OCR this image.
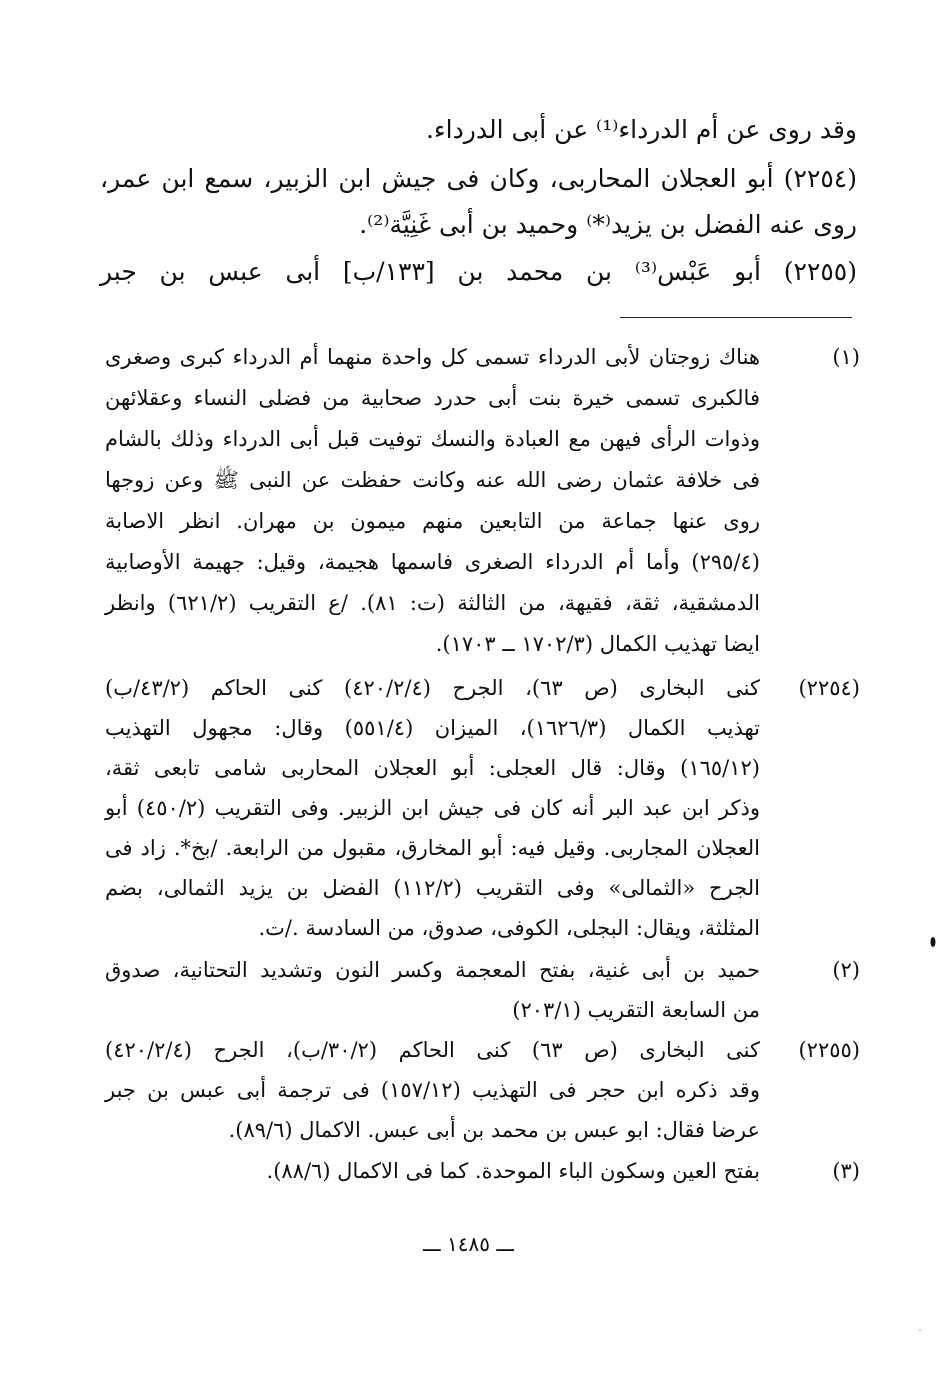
وقد روى عن أم الدرداء⁽¹⁾ عن أبى الدرداء.
(٢٢٥٤) أبو العجلان المحاربى، وكان فى جيش ابن الزبير، سمع ابن عمر،
روى عنه الفضل بن يزيد⁽*⁾ وحميد بن أبى غَنِيَّة⁽²⁾.
(٢٢٥٥) أبو عَبْس⁽³⁾ بن محمد بن [١٣٣/ب] أبى عبس بن جبر
(١)
هناك زوجتان لأبى الدرداء تسمى كل واحدة منهما أم الدرداء كبرى وصغرى
فالكبرى تسمى خيرة بنت أبى حدرد صحابية من فضلى النساء وعقلائهن
وذوات الرأى فيهن مع العبادة والنسك توفيت قبل أبى الدرداء وذلك بالشام
فى خلافة عثمان رضى الله عنه وكانت حفظت عن النبى ﷺ وعن زوجها
روى عنها جماعة من التابعين منهم ميمون بن مهران. انظر الاصابة
(٢٩٥/٤) وأما أم الدرداء الصغرى فاسمها هجيمة، وقيل: جهيمة الأوصابية
الدمشقية، ثقة، فقيهة، من الثالثة (ت: ٨١). /ع التقريب (٦٢١/٢) وانظر
ايضا تهذيب الكمال (١٧٠٢/٣ ــ ١٧٠٣).
(٢٢٥٤)
كنى البخارى (ص ٦٣)، الجرح (٤٢٠/٢/٤) كنى الحاكم (٤٣/٢/ب)
تهذيب الكمال (١٦٢٦/٣)، الميزان (٥٥١/٤) وقال: مجهول التهذيب
(١٦٥/١٢) وقال: قال العجلى: أبو العجلان المحاربى شامى تابعى ثقة،
وذكر ابن عبد البر أنه كان فى جيش ابن الزبير. وفى التقريب (٤٥٠/٢) أبو
العجلان المجاربى. وقيل فيه: أبو المخارق، مقبول من الرابعة. /بخ*. زاد فى
الجرح «الثمالى» وفى التقريب (١١٢/٢) الفضل بن يزيد الثمالى، بضم
المثلثة، ويقال: البجلى، الكوفى، صدوق، من السادسة ./ت.
(٢)
حميد بن أبى غنية، بفتح المعجمة وكسر النون وتشديد التحتانية، صدوق
من السابعة التقريب (٢٠٣/١)
(٢٢٥٥)
كنى البخارى (ص ٦٣) كنى الحاكم (٣٠/٢/ب)، الجرح (٤٢٠/٢/٤)
وقد ذكره ابن حجر فى التهذيب (١٥٧/١٢) فى ترجمة أبى عبس بن جبر
عرضا فقال: ابو عبس بن محمد بن أبى عبس. الاكمال (٨٩/٦).
(٣)
بفتح العين وسكون الباء الموحدة. كما فى الاكمال (٨٨/٦).
ـــ ١٤٨٥ ـــ
